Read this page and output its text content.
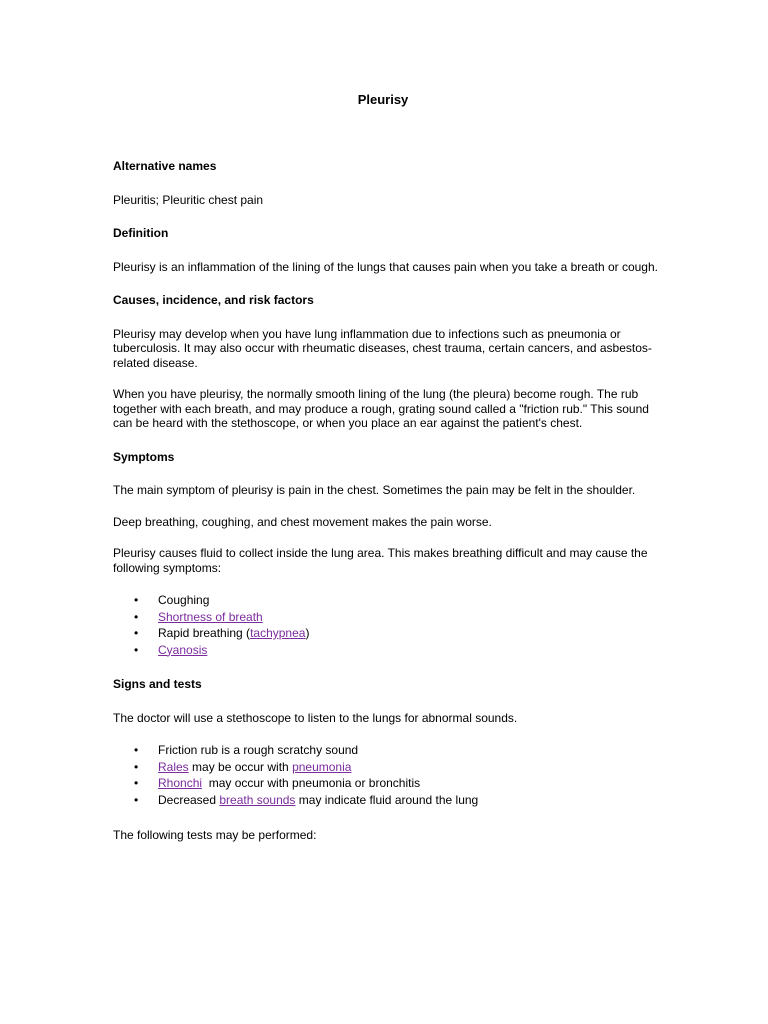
Pleurisy
Alternative names

Pleuritis; Pleuritic chest pain

Definition

Pleurisy is an inflammation of the lining of the lungs that causes pain when you take a breath or cough.

Causes, incidence, and risk factors

Pleurisy may develop when you have lung inflammation due to infections such as pneumonia or tuberculosis. It may also occur with rheumatic diseases, chest trauma, certain cancers, and asbestos-related disease.

When you have pleurisy, the normally smooth lining of the lung (the pleura) become rough. The rub together with each breath, and may produce a rough, grating sound called a "friction rub." This sound can be heard with the stethoscope, or when you place an ear against the patient's chest.

Symptoms

The main symptom of pleurisy is pain in the chest. Sometimes the pain may be felt in the shoulder.

Deep breathing, coughing, and chest movement makes the pain worse.

Pleurisy causes fluid to collect inside the lung area. This makes breathing difficult and may cause the following symptoms:

• Coughing
• Shortness of breath
• Rapid breathing (tachypnea)
• Cyanosis
Signs and tests

The doctor will use a stethoscope to listen to the lungs for abnormal sounds.

• Friction rub is a rough scratchy sound
• Rales may be occur with pneumonia
• Rhonchi  may occur with pneumonia or bronchitis
• Decreased breath sounds may indicate fluid around the lung

The following tests may be performed:
